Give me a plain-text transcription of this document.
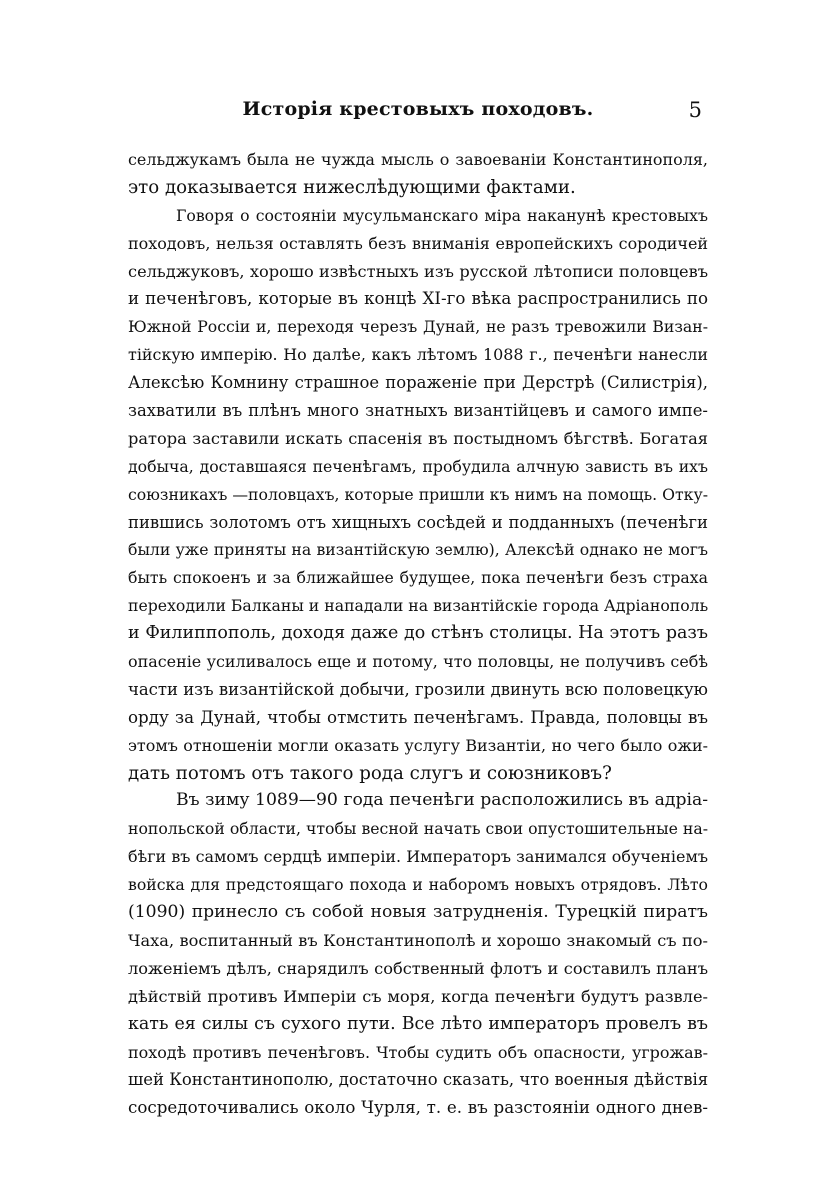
Исторія крестовыхъ походовъ.	5
сельджукамъ была не чужда мысль о завоеваніи Константинополя,
это доказывается нижеслѣдующими фактами.
Говоря о состояніи мусульманскаго міра наканунѣ крестовыхъ
походовъ, нельзя оставлять безъ вниманія европейскихъ сородичей
сельджуковъ, хорошо извѣстныхъ изъ русской лѣтописи половцевъ
и печенѣговъ, которые въ концѣ XI-го вѣка распространились по
Южной Россіи и, переходя черезъ Дунай, не разъ тревожили Визан-
тійскую имперію. Но далѣе, какъ лѣтомъ 1088 г., печенѣги нанесли
Алексѣю Комнину страшное пораженіе при Дерстрѣ (Силистрія),
захватили въ плѣнъ много знатныхъ византійцевъ и самого импе-
ратора заставили искать спасенія въ постыдномъ бѣгствѣ. Богатая
добыча, доставшаяся печенѣгамъ, пробудила алчную зависть въ ихъ
союзникахъ —половцахъ, которые пришли къ нимъ на помощь. Отку-
пившись золотомъ отъ хищныхъ сосѣдей и подданныхъ (печенѣги
были уже приняты на византійскую землю), Алексѣй однако не могъ
быть спокоенъ и за ближайшее будущее, пока печенѣги безъ страха
переходили Балканы и нападали на византійскіе города Адріанополь
и Филиппополь, доходя даже до стѣнъ столицы. На этотъ разъ
опасеніе усиливалось еще и потому, что половцы, не получивъ себѣ
части изъ византійской добычи, грозили двинуть всю половецкую
орду за Дунай, чтобы отмстить печенѣгамъ. Правда, половцы въ
этомъ отношеніи могли оказать услугу Византіи, но чего было ожи-
дать потомъ отъ такого рода слугъ и союзниковъ?
Въ зиму 1089—90 года печенѣги расположились въ адріа-
нопольской области, чтобы весной начать свои опустошительные на-
бѣги въ самомъ сердцѣ имперіи. Императоръ занимался обученіемъ
войска для предстоящаго похода и наборомъ новыхъ отрядовъ. Лѣто
(1090) принесло съ собой новыя затрудненія. Турецкій пиратъ
Чаха, воспитанный въ Константинополѣ и хорошо знакомый съ по-
ложеніемъ дѣлъ, снарядилъ собственный флотъ и составилъ планъ
дѣйствій противъ Имперіи съ моря, когда печенѣги будутъ развле-
кать ея силы съ сухого пути. Все лѣто императоръ провелъ въ
походѣ противъ печенѣговъ. Чтобы судить объ опасности, угрожав-
шей Константинополю, достаточно сказать, что военныя дѣйствія
сосредоточивались около Чурля, т. е. въ разстояніи одного днев-
